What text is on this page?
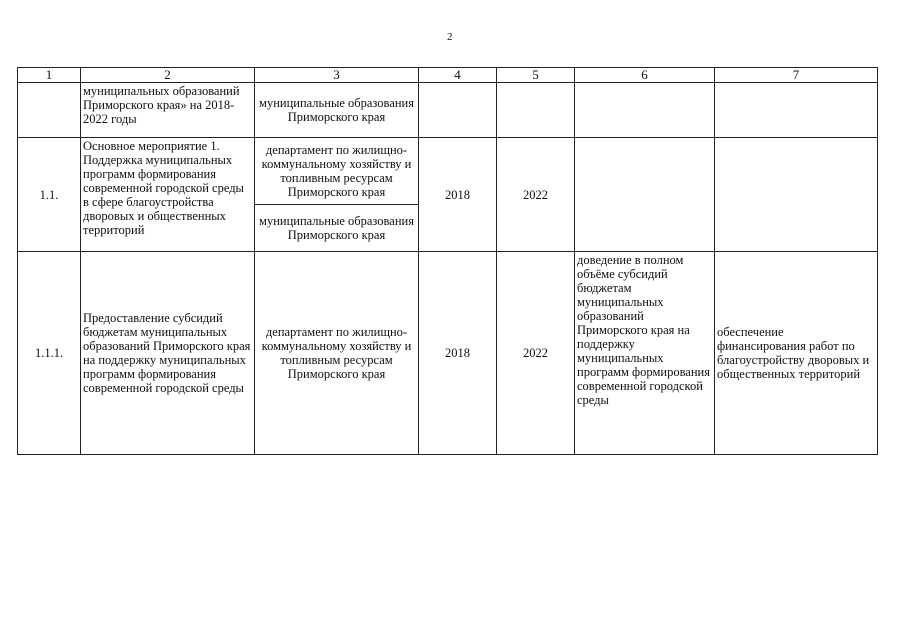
2
1	2	3	4	5	6	7
	муниципальных образований Приморского края» на 2018-2022 годы	муниципальные образования Приморского края				
1.1.	Основное мероприятие 1. Поддержка муниципальных программ формирования современной городской среды в сфере благоустройства дворовых и общественных территорий	департамент по жилищно-коммунальному хозяйству и топливным ресурсам Приморского края	2018	2022		
		муниципальные образования Приморского края				
1.1.1.	Предоставление субсидий бюджетам муниципальных образований Приморского края на поддержку муниципальных программ формирования современной городской среды	департамент по жилищно-коммунальному хозяйству и топливным ресурсам Приморского края	2018	2022	доведение в полном объёме субсидий бюджетам муниципальных образований Приморского края на поддержку муниципальных программ формирования современной городской среды	обеспечение финансирования работ по благоустройству дворовых и общественных территорий
